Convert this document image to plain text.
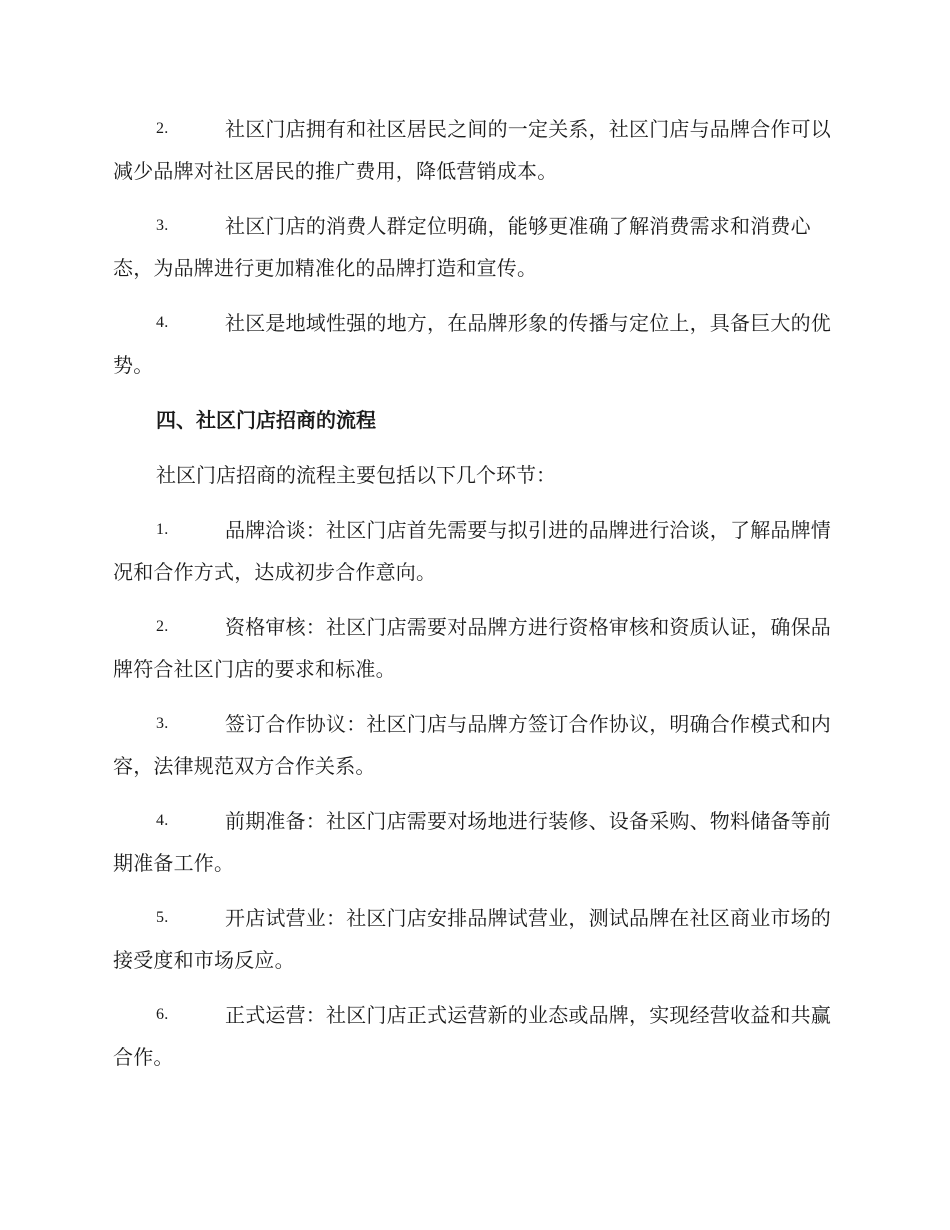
2.	社区门店拥有和社区居民之间的一定关系，社区门店与品牌合作可以减少品牌对社区居民的推广费用，降低营销成本。

3.	社区门店的消费人群定位明确，能够更准确了解消费需求和消费心态，为品牌进行更加精准化的品牌打造和宣传。

4.	社区是地域性强的地方，在品牌形象的传播与定位上，具备巨大的优势。

四、社区门店招商的流程

社区门店招商的流程主要包括以下几个环节：

1.	品牌洽谈：社区门店首先需要与拟引进的品牌进行洽谈，了解品牌情况和合作方式，达成初步合作意向。

2.	资格审核：社区门店需要对品牌方进行资格审核和资质认证，确保品牌符合社区门店的要求和标准。

3.	签订合作协议：社区门店与品牌方签订合作协议，明确合作模式和内容，法律规范双方合作关系。

4.	前期准备：社区门店需要对场地进行装修、设备采购、物料储备等前期准备工作。

5.	开店试营业：社区门店安排品牌试营业，测试品牌在社区商业市场的接受度和市场反应。

6.	正式运营：社区门店正式运营新的业态或品牌，实现经营收益和共赢合作。
